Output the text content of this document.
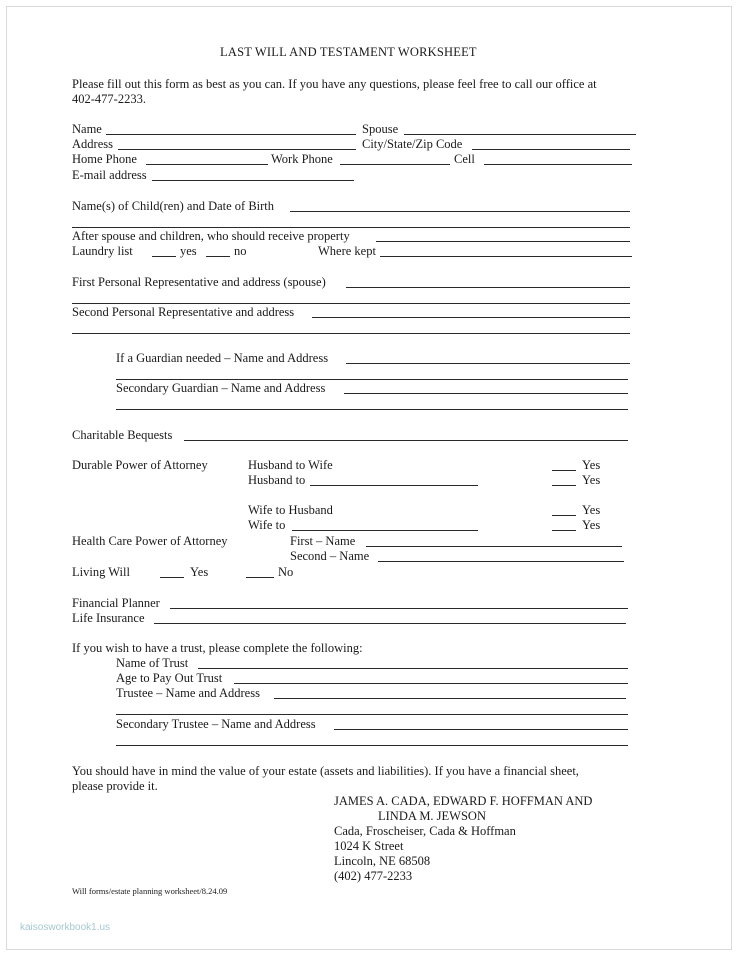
LAST WILL AND TESTAMENT WORKSHEET
Please fill out this form as best as you can. If you have any questions, please feel free to call our office at
402-477-2233.
Name	Spouse
Address	City/State/Zip Code
Home Phone	Work Phone	Cell
E-mail address
Name(s) of Child(ren) and Date of Birth
After spouse and children, who should receive property
Laundry list	yes	no	Where kept
First Personal Representative and address (spouse)
Second Personal Representative and address
If a Guardian needed – Name and Address
Secondary Guardian – Name and Address
Charitable Bequests
Durable Power of Attorney	Husband to Wife	Yes
Husband to	Yes
Wife to Husband	Yes
Wife to	Yes
Health Care Power of Attorney	First – Name
Second – Name
Living Will	Yes	No
Financial Planner
Life Insurance
If you wish to have a trust, please complete the following:
Name of Trust
Age to Pay Out Trust
Trustee – Name and Address
Secondary Trustee – Name and Address
You should have in mind the value of your estate (assets and liabilities). If you have a financial sheet,
please provide it.
JAMES A. CADA, EDWARD F. HOFFMAN AND
LINDA M. JEWSON
Cada, Froscheiser, Cada & Hoffman
1024 K Street
Lincoln, NE 68508
(402) 477-2233
Will forms/estate planning worksheet/8.24.09
kaisosworkbook1.us
